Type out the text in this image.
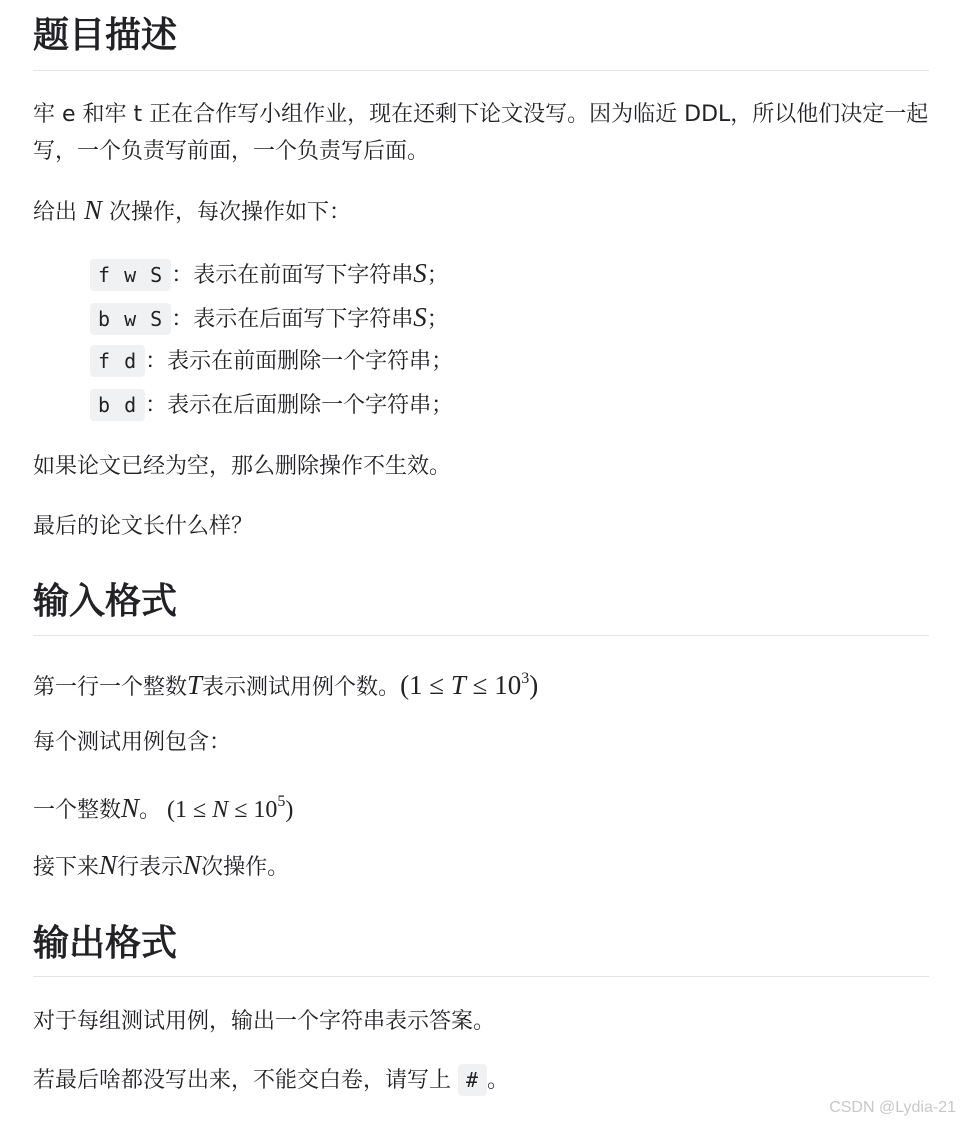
题目描述

牢 e 和牢 t 正在合作写小组作业，现在还剩下论文没写。因为临近 DDL，所以他们决定一起写，一个负责写前面，一个负责写后面。

给出 N 次操作，每次操作如下：

f w S ：表示在前面写下字符串S；
b w S ：表示在后面写下字符串S；
f d ：表示在前面删除一个字符串；
b d ：表示在后面删除一个字符串；

如果论文已经为空，那么删除操作不生效。

最后的论文长什么样？

输入格式

第一行一个整数T表示测试用例个数。$(1 \le T \le 10^3)$

每个测试用例包含：

一个整数N。 $(1 \le N \le 10^5)$

接下来N行表示N次操作。

输出格式

对于每组测试用例，输出一个字符串表示答案。

若最后啥都没写出来，不能交白卷，请写上 # 。

CSDN @Lydia-21
